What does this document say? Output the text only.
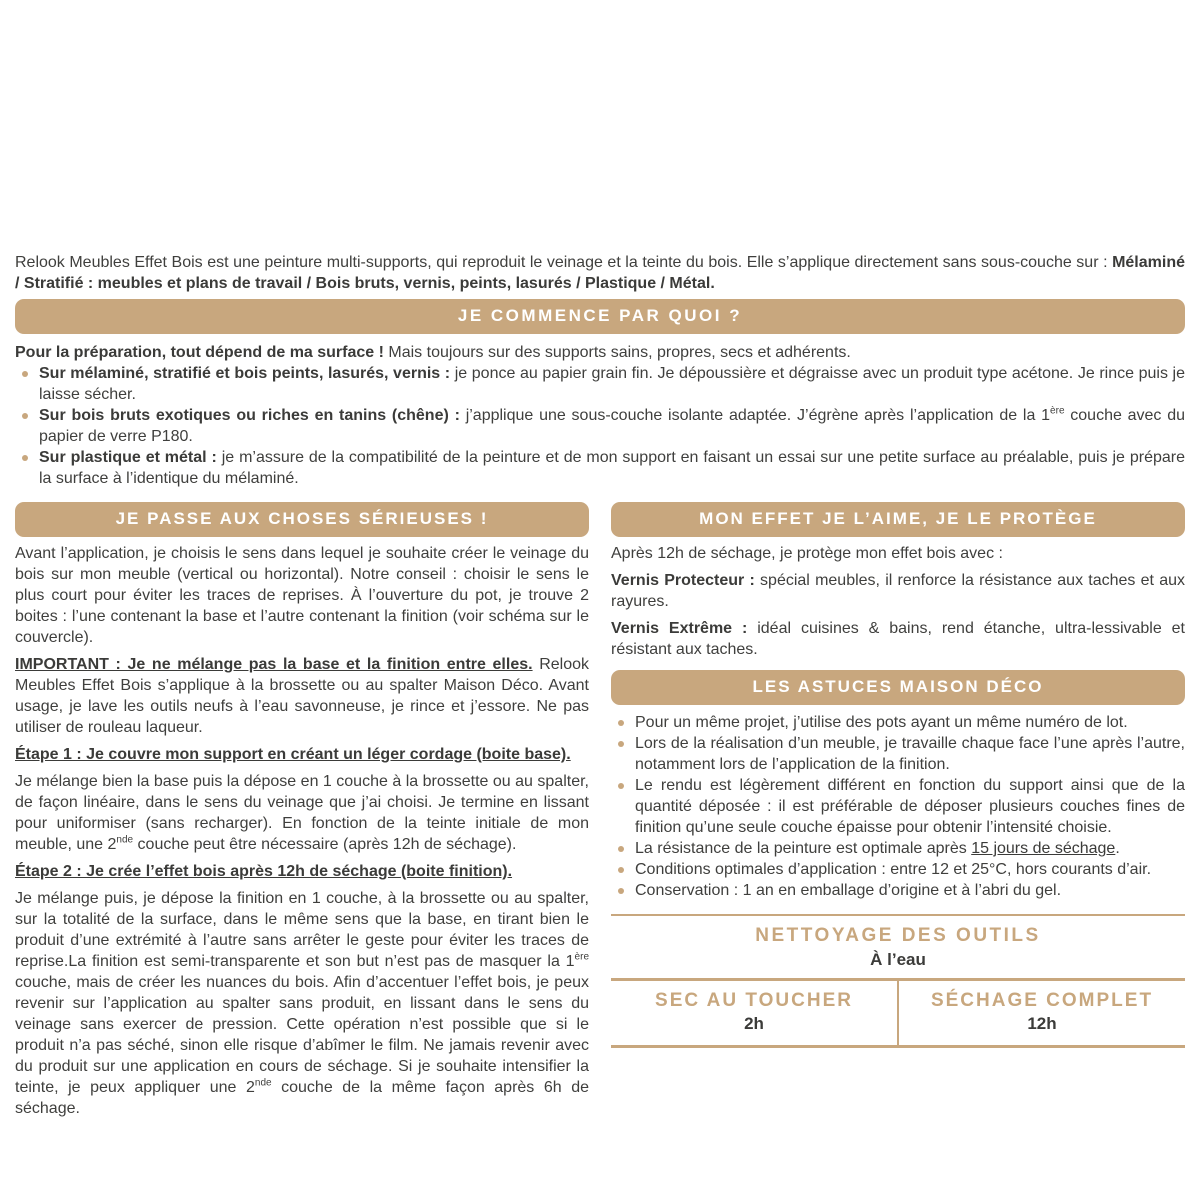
Relook Meubles Effet Bois est une peinture multi-supports, qui reproduit le veinage et la teinte du bois. Elle s’applique directement sans sous-couche sur : Mélaminé / Stratifié : meubles et plans de travail / Bois bruts, vernis, peints, lasurés / Plastique / Métal.

JE COMMENCE PAR QUOI ?

Pour la préparation, tout dépend de ma surface ! Mais toujours sur des supports sains, propres, secs et adhérents.

Sur mélaminé, stratifié et bois peints, lasurés, vernis : je ponce au papier grain fin. Je dépoussière et dégraisse avec un produit type acétone. Je rince puis je laisse sécher.
Sur bois bruts exotiques ou riches en tanins (chêne) : j’applique une sous-couche isolante adaptée. J’égrène après l’application de la 1ère couche avec du papier de verre P180.
Sur plastique et métal : je m’assure de la compatibilité de la peinture et de mon support en faisant un essai sur une petite surface au préalable, puis je prépare la surface à l’identique du mélaminé.
JE PASSE AUX CHOSES SÉRIEUSES !

Avant l’application, je choisis le sens dans lequel je souhaite créer le veinage du bois sur mon meuble (vertical ou horizontal). Notre conseil : choisir le sens le plus court pour éviter les traces de reprises. À l’ouverture du pot, je trouve 2 boites : l’une contenant la base et l’autre contenant la finition (voir schéma sur le couvercle).

IMPORTANT : Je ne mélange pas la base et la finition entre elles. Relook Meubles Effet Bois s’applique à la brossette ou au spalter Maison Déco. Avant usage, je lave les outils neufs à l’eau savonneuse, je rince et j’essore. Ne pas utiliser de rouleau laqueur.

Étape 1 : Je couvre mon support en créant un léger cordage (boite base).

Je mélange bien la base puis la dépose en 1 couche à la brossette ou au spalter, de façon linéaire, dans le sens du veinage que j’ai choisi. Je termine en lissant pour uniformiser (sans recharger). En fonction de la teinte initiale de mon meuble, une 2nde couche peut être nécessaire (après 12h de séchage).

Étape 2 : Je crée l’effet bois après 12h de séchage (boite finition).

Je mélange puis, je dépose la finition en 1 couche, à la brossette ou au spalter, sur la totalité de la surface, dans le même sens que la base, en tirant bien le produit d’une extrémité à l’autre sans arrêter le geste pour éviter les traces de reprise.La finition est semi-transparente et son but n’est pas de masquer la 1ère couche, mais de créer les nuances du bois. Afin d’accentuer l’effet bois, je peux revenir sur l’application au spalter sans produit, en lissant dans le sens du veinage sans exercer de pression. Cette opération n’est possible que si le produit n’a pas séché, sinon elle risque d’abîmer le film. Ne jamais revenir avec du produit sur une application en cours de séchage. Si je souhaite intensifier la teinte, je peux appliquer une 2nde couche de la même façon après 6h de séchage.

MON EFFET JE L’AIME, JE LE PROTÈGE

Après 12h de séchage, je protège mon effet bois avec :

Vernis Protecteur : spécial meubles, il renforce la résistance aux taches et aux rayures.

Vernis Extrême : idéal cuisines & bains, rend étanche, ultra-lessivable et résistant aux taches.

LES ASTUCES MAISON DÉCO
Pour un même projet, j’utilise des pots ayant un même numéro de lot.
Lors de la réalisation d’un meuble, je travaille chaque face l’une après l’autre, notamment lors de l’application de la finition.
Le rendu est légèrement différent en fonction du support ainsi que de la quantité déposée : il est préférable de déposer plusieurs couches fines de finition qu’une seule couche épaisse pour obtenir l’intensité choisie.
La résistance de la peinture est optimale après 15 jours de séchage.
Conditions optimales d’application : entre 12 et 25°C, hors courants d’air.
Conservation : 1 an en emballage d’origine et à l’abri du gel.
NETTOYAGE DES OUTILS
À l’eau
SEC AU TOUCHER
2h
SÉCHAGE COMPLET
12h
